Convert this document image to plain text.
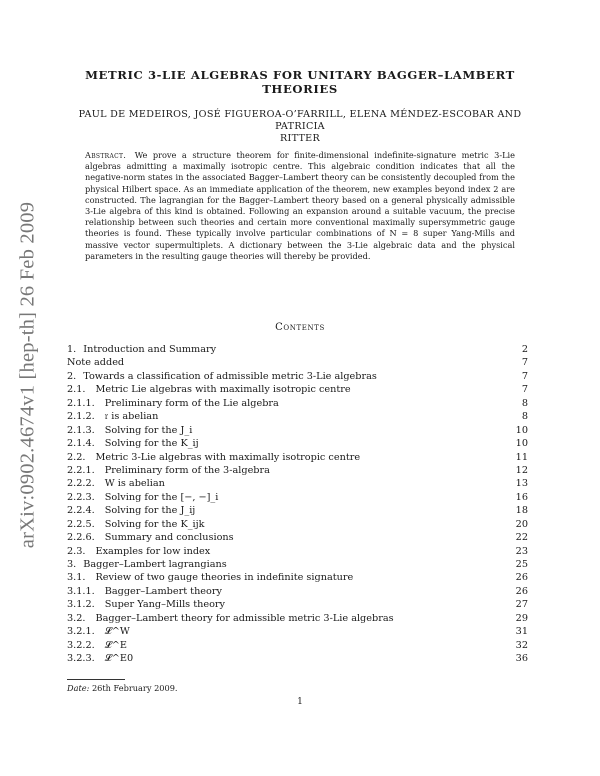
arXiv:0902.4674v1 [hep-th] 26 Feb 2009
METRIC 3-LIE ALGEBRAS FOR UNITARY BAGGER–LAMBERT
THEORIES
PAUL DE MEDEIROS, JOSÉ FIGUEROA-O’FARRILL, ELENA MÉNDEZ-ESCOBAR AND PATRICIA
RITTER
Abstract. We prove a structure theorem for finite-dimensional indefinite-signature metric 3-Lie algebras admitting a maximally isotropic centre. This algebraic condition indicates that all the negative-norm states in the associated Bagger–Lambert theory can be consistently decoupled from the physical Hilbert space. As an immediate application of the theorem, new examples beyond index 2 are constructed. The lagrangian for the Bagger–Lambert theory based on a general physically admissible 3-Lie algebra of this kind is obtained. Following an expansion around a suitable vacuum, the precise relationship between such theories and certain more conventional maximally supersymmetric gauge theories is found. These typically involve particular combinations of N = 8 super Yang-Mills and massive vector supermultiplets. A dictionary between the 3-Lie algebraic data and the physical parameters in the resulting gauge theories will thereby be provided.
Contents
1. Introduction and Summary	2
Note added	7
2. Towards a classification of admissible metric 3-Lie algebras	7
2.1.	Metric Lie algebras with maximally isotropic centre	7
2.1.1.	Preliminary form of the Lie algebra	8
2.1.2.	𝔯 is abelian	8
2.1.3.	Solving for the J_i	10
2.1.4.	Solving for the K_ij	10
2.2.	Metric 3-Lie algebras with maximally isotropic centre	11
2.2.1.	Preliminary form of the 3-algebra	12
2.2.2.	W is abelian	13
2.2.3.	Solving for the [−, −]_i	16
2.2.4.	Solving for the J_ij	18
2.2.5.	Solving for the K_ijk	20
2.2.6.	Summary and conclusions	22
2.3.	Examples for low index	23
3. Bagger–Lambert lagrangians	25
3.1.	Review of two gauge theories in indefinite signature	26
3.1.1.	Bagger–Lambert theory	26
3.1.2.	Super Yang–Mills theory	27
3.2.	Bagger–Lambert theory for admissible metric 3-Lie algebras	29
3.2.1.	𝓛^W	31
3.2.2.	𝓛^E	32
3.2.3.	𝓛^E0	36
Date: 26th February 2009.
1
